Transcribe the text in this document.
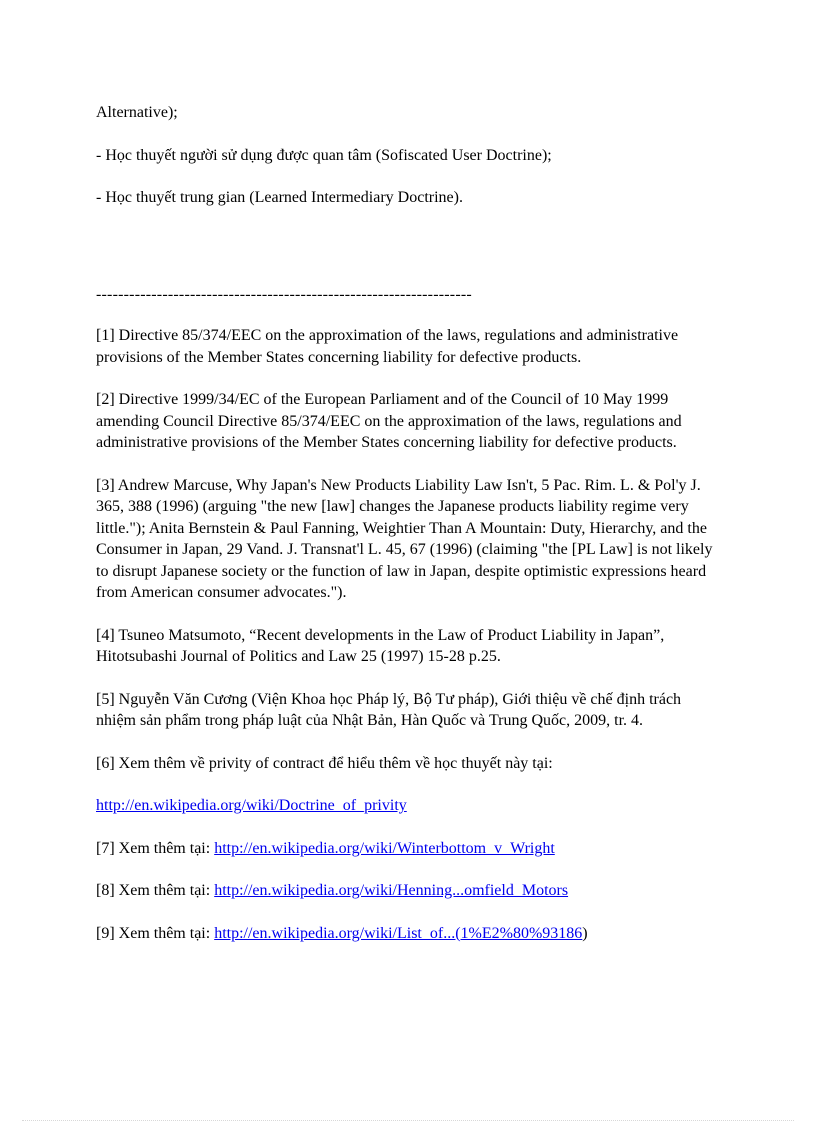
Alternative);

- Học thuyết người sử dụng được quan tâm (Sofiscated User Doctrine);

- Học thuyết trung gian (Learned Intermediary Doctrine).

--------------------------------------------------------------------

[1] Directive 85/374/EEC on the approximation of the laws, regulations and administrative provisions of the Member States concerning liability for defective products.

[2] Directive 1999/34/EC of the European Parliament and of the Council of 10 May 1999 amending Council Directive 85/374/EEC on the approximation of the laws, regulations and administrative provisions of the Member States concerning liability for defective products.

[3] Andrew Marcuse, Why Japan's New Products Liability Law Isn't, 5 Pac. Rim. L. & Pol'y J. 365, 388 (1996) (arguing "the new [law] changes the Japanese products liability regime very little."); Anita Bernstein & Paul Fanning, Weightier Than A Mountain: Duty, Hierarchy, and the Consumer in Japan, 29 Vand. J. Transnat'l L. 45, 67 (1996) (claiming "the [PL Law] is not likely to disrupt Japanese society or the function of law in Japan, despite optimistic expressions heard from American consumer advocates.").

[4] Tsuneo Matsumoto, “Recent developments in the Law of Product Liability in Japan”, Hitotsubashi Journal of Politics and Law 25 (1997) 15-28 p.25.

[5] Nguyễn Văn Cương (Viện Khoa học Pháp lý, Bộ Tư pháp), Giới thiệu về chế định trách nhiệm sản phẩm trong pháp luật của Nhật Bản, Hàn Quốc và Trung Quốc, 2009, tr. 4.

[6] Xem thêm về privity of contract để hiểu thêm về học thuyết này tại:

http://en.wikipedia.org/wiki/Doctrine_of_privity

[7] Xem thêm tại: http://en.wikipedia.org/wiki/Winterbottom_v_Wright

[8] Xem thêm tại: http://en.wikipedia.org/wiki/Henning...omfield_Motors

[9] Xem thêm tại: http://en.wikipedia.org/wiki/List_of...(1%E2%80%93186)
